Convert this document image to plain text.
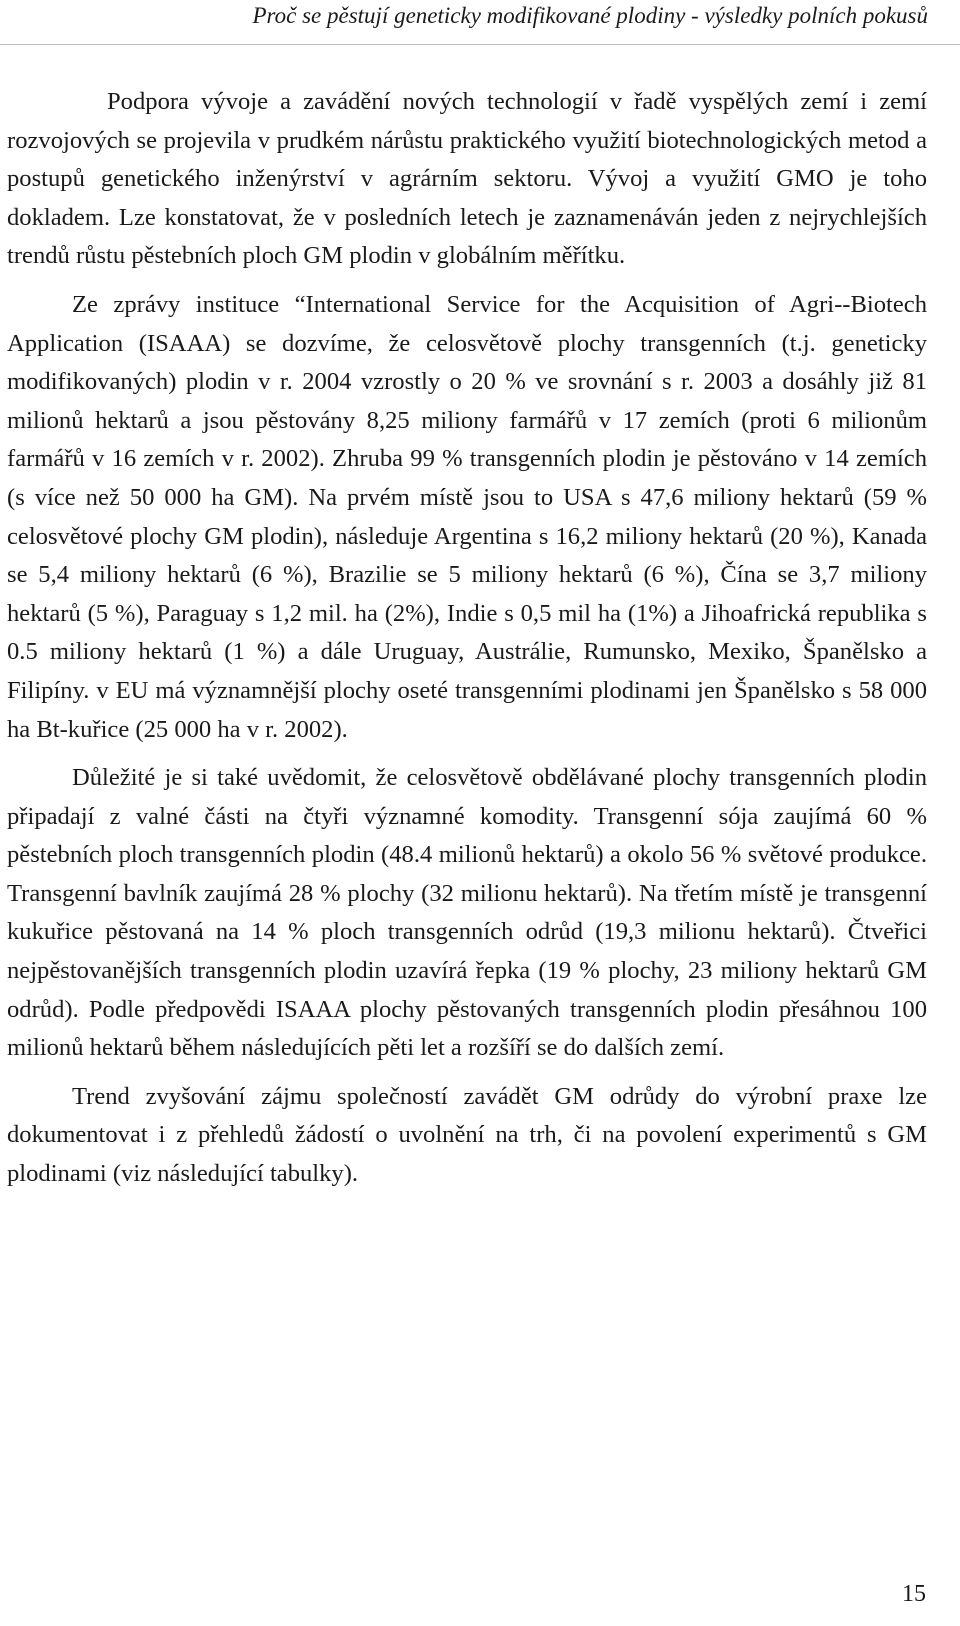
Proč se pěstují geneticky modifikované plodiny - výsledky polních pokusů

Podpora vývoje a zavádění nových technologií v řadě vyspělých zemí i zemí rozvojových se projevila v prudkém nárůstu praktického využití biotechnologických metod a postupů genetického inženýrství v agrárním sektoru. Vývoj a využití GMO je toho dokladem. Lze konstatovat, že v posledních letech je zaznamenáván jeden z nejrychlejších trendů růstu pěstebních ploch GM plodin v globálním měřítku.

Ze zprávy instituce “International Service for the Acquisition of Agri--Biotech Application (ISAAA) se dozvíme, že celosvětově plochy transgenních (t.j. geneticky modifikovaných) plodin v r. 2004 vzrostly o 20 % ve srovnání s r. 2003 a dosáhly již 81 milionů hektarů a jsou pěstovány 8,25 miliony farmářů v 17 zemích (proti 6 milionům farmářů v 16 zemích v r. 2002). Zhruba 99 % transgenních plodin je pěstováno v 14 zemích (s více než 50 000 ha GM). Na prvém místě jsou to USA s 47,6 miliony hektarů (59 % celosvětové plochy GM plodin), následuje Argentina s 16,2 miliony hektarů (20 %), Kanada se 5,4 miliony hektarů (6 %), Brazilie se 5 miliony hektarů (6 %), Čína se 3,7 miliony hektarů (5 %), Paraguay s 1,2 mil. ha (2%), Indie s 0,5 mil ha (1%) a Jihoafrická republika s 0.5 miliony hektarů (1 %) a dále Uruguay, Austrálie, Rumunsko, Mexiko, Španělsko a Filipíny. v EU má významnější plochy oseté transgenními plodinami jen Španělsko s 58 000 ha Bt-kuřice (25 000 ha v r. 2002).

Důležité je si také uvědomit, že celosvětově obdělávané plochy transgenních plodin připadají z valné části na čtyři významné komodity. Transgenní sója zaujímá 60 % pěstebních ploch transgenních plodin (48.4 milionů hektarů) a okolo 56 % světové produkce. Transgenní bavlník zaujímá 28 % plochy (32 milionu hektarů). Na třetím místě je transgenní kukuřice pěstovaná na 14 % ploch transgenních odrůd (19,3 milionu hektarů). Čtveřici nejpěstovanějších transgenních plodin uzavírá řepka (19 % plochy, 23 miliony hektarů GM odrůd). Podle předpovědi ISAAA plochy pěstovaných transgenních plodin přesáhnou 100 milionů hektarů během následujících pěti let a rozšíří se do dalších zemí.

Trend zvyšování zájmu společností zavádět GM odrůdy do výrobní praxe lze dokumentovat i z přehledů žádostí o uvolnění na trh, či na povolení experimentů s GM plodinami (viz následující tabulky).

15
